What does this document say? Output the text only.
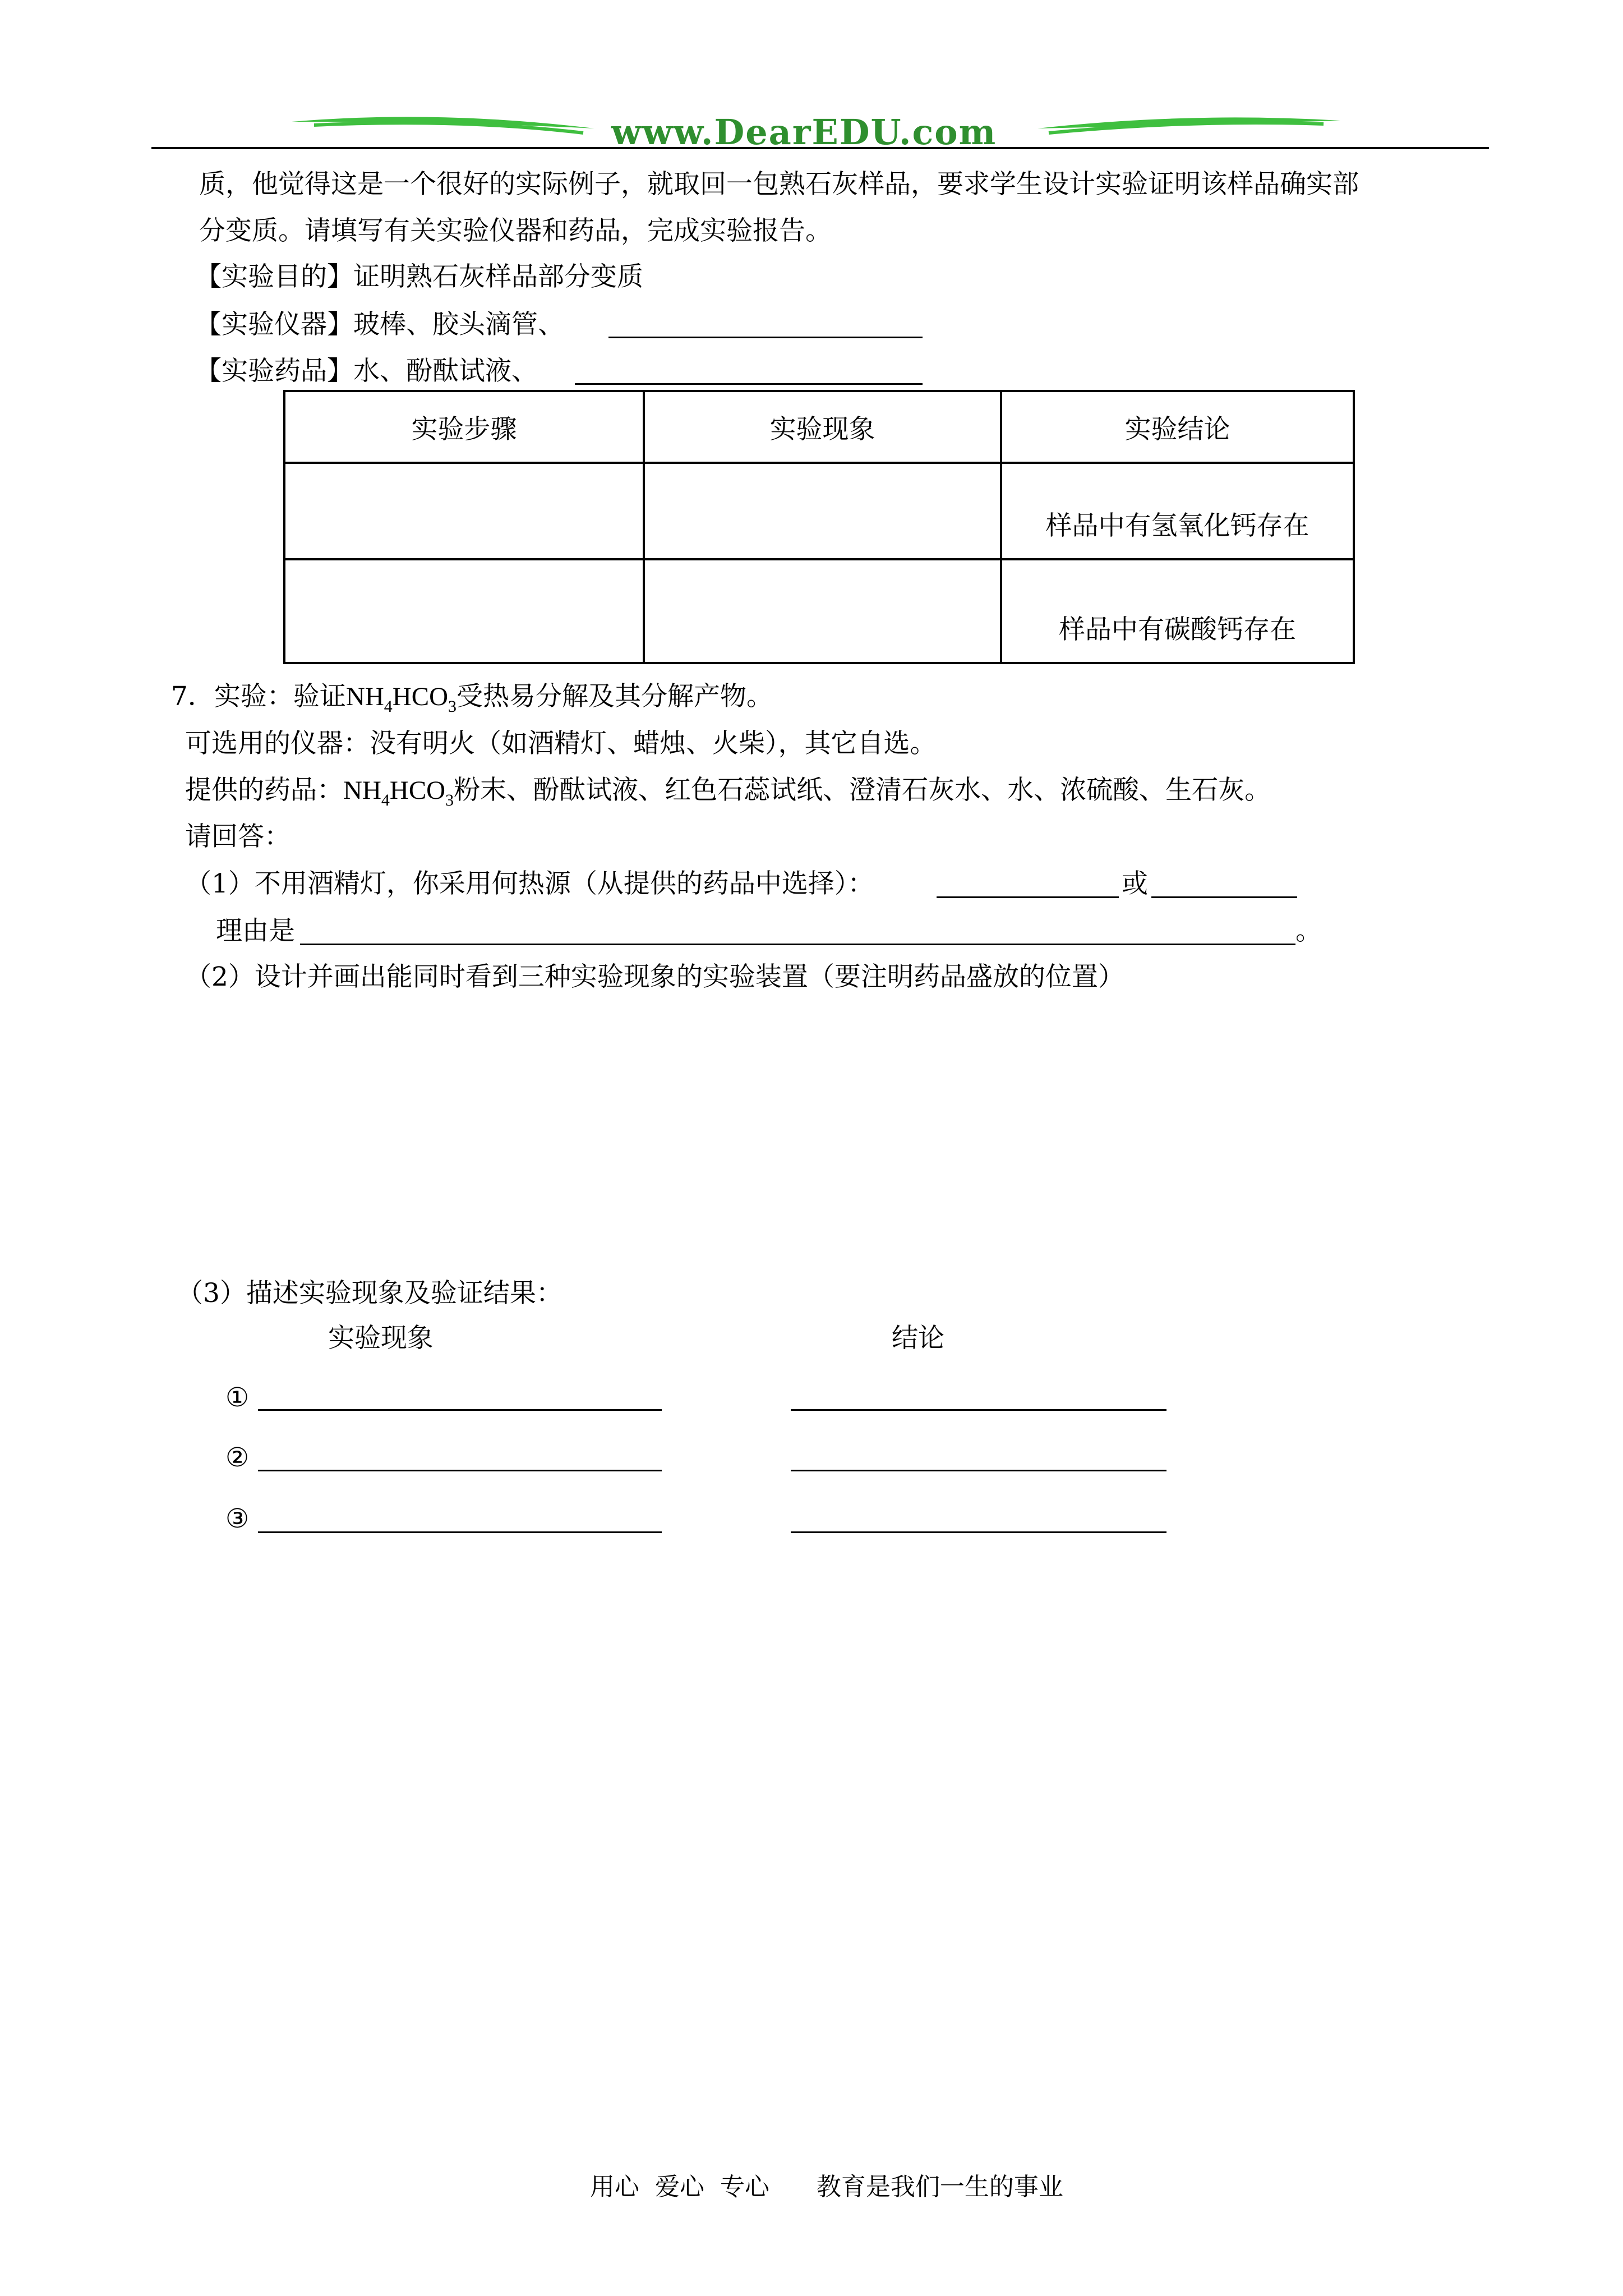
www.DearEDU.com
质，他觉得这是一个很好的实际例子，就取回一包熟石灰样品，要求学生设计实验证明该样品确实部
分变质。请填写有关实验仪器和药品，完成实验报告。
【实验目的】证明熟石灰样品部分变质
【实验仪器】玻棒、胶头滴管、
【实验药品】水、酚酞试液、
实验步骤	实验现象	实验结论
		样品中有氢氧化钙存在
		样品中有碳酸钙存在
7．实验：验证$NH_4HCO_3$受热易分解及其分解产物。
可选用的仪器：没有明火（如酒精灯、蜡烛、火柴），其它自选。
提供的药品：$NH_4HCO_3$粉末、酚酞试液、红色石蕊试纸、澄清石灰水、水、浓硫酸、生石灰。
请回答：
（1）不用酒精灯，你采用何热源（从提供的药品中选择）：	或
理由是	。
（2）设计并画出能同时看到三种实验现象的实验装置（要注明药品盛放的位置）
（3）描述实验现象及验证结果：
实验现象	结论
①
②
③
用心  爱心  专心      教育是我们一生的事业
